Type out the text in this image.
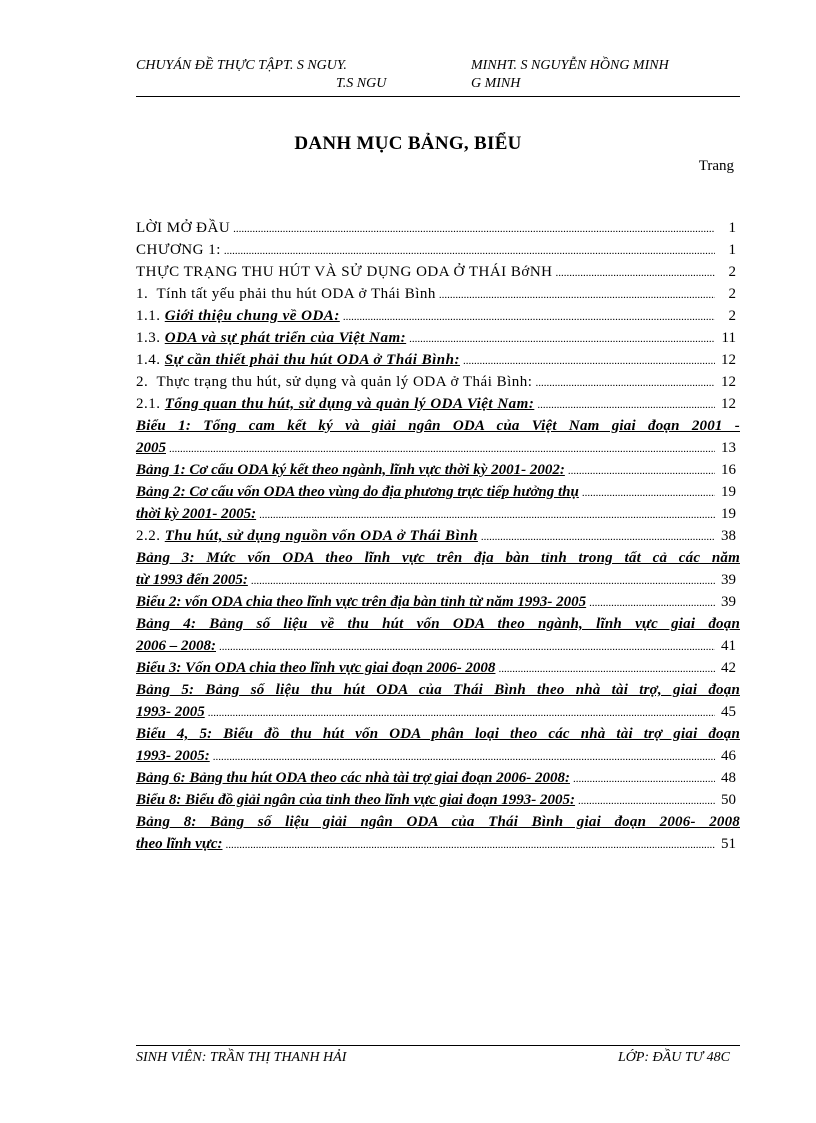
CHUYÁN ĐỀ THỰC TẬPT. S NGUY.
T.S NGU
MINHT. S NGUYỄN HỒNG MINH
G MINH
DANH MỤC BẢNG, BIỂU
Trang
LỜI MỞ ĐẦU .....	1
CHƯƠNG 1: .....	1
THỰC TRẠNG THU HÚT VÀ SỬ DỤNG ODA Ở THÁI BớNH .....	2
1. Tính tất yếu phải thu hút ODA ở Thái Bình .....	2
1.1. Giới thiệu chung về ODA: .....	2
1.3. ODA và sự phát triển của Việt Nam: .....	11
1.4. Sự cần thiết phải thu hút ODA ở Thái Bình: .....	12
2. Thực trạng thu hút, sử dụng và quản lý ODA ở Thái Bình: .....	12
2.1. Tổng quan thu hút, sử dụng và quản lý ODA Việt Nam: .....	12
Biểu 1: Tổng cam kết ký và giải ngân ODA của Việt Nam giai đoạn 2001 -
2005 .....	13
Bảng 1: Cơ cấu ODA ký kết theo ngành, lĩnh vực thời kỳ 2001- 2002: .....	16
Bảng 2: Cơ cấu vốn ODA theo vùng do địa phương trực tiếp hưởng thụ .....	19
thời kỳ 2001- 2005: .....	19
2.2. Thu hút, sử dụng nguồn vốn ODA ở Thái Bình .....	38
Bảng 3: Mức vốn ODA theo lĩnh vực trên địa bàn tỉnh trong tất cả các năm
từ 1993 đến 2005: .....	39
Biểu 2: vốn ODA chia theo lĩnh vực trên địa bàn tỉnh từ năm 1993- 2005 .....	39
Bảng 4: Bảng số liệu về thu hút vốn ODA theo ngành, lĩnh vực giai đoạn
2006 – 2008: .....	41
Biểu 3: Vốn ODA chia theo lĩnh vực giai đoạn 2006- 2008 .....	42
Bảng 5: Bảng số liệu thu hút ODA của Thái Bình theo nhà tài trợ, giai đoạn
1993- 2005 .....	45
Biểu 4, 5: Biểu đồ thu hút vốn ODA phân loại theo các nhà tài trợ giai đoạn
1993- 2005: .....	46
Bảng 6: Bảng thu hút ODA theo các nhà tài trợ giai đoạn 2006- 2008: .....	48
Biểu 8: Biểu đồ giải ngân của tỉnh theo lĩnh vực giai đoạn 1993- 2005: .....	50
Bảng 8: Bảng số liệu giải ngân ODA của Thái Bình giai đoạn 2006- 2008
theo lĩnh vực: .....	51
SINH VIÊN: TRẦN THỊ THANH HẢI	LỚP: ĐẦU TƯ 48C
